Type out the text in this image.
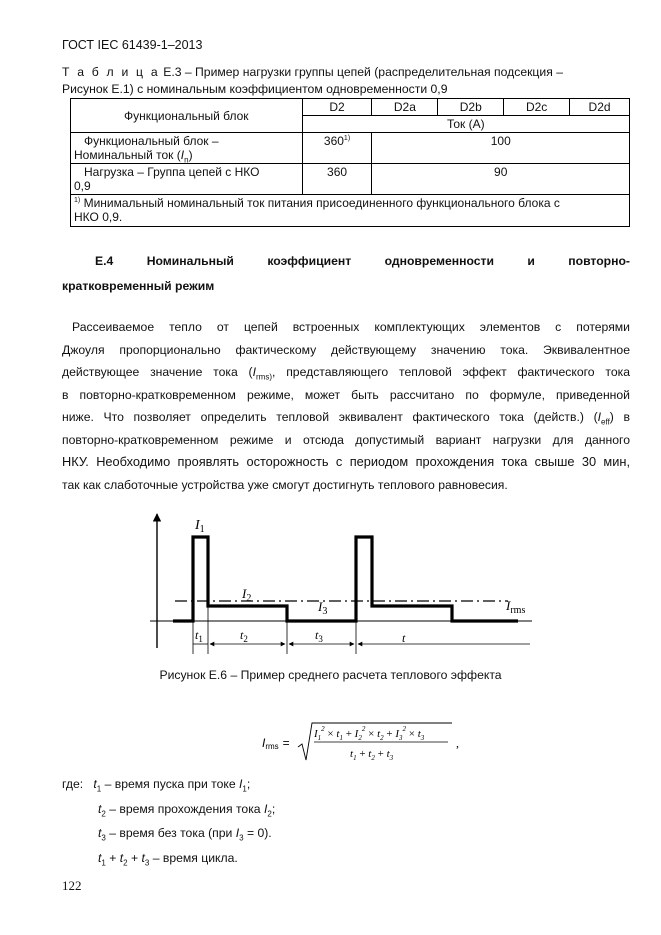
ГОСТ IEC 61439-1–2013
Т а б л и ц а Е.3 – Пример нагрузки группы цепей (распределительная подсекция –
Рисунок Е.1) с номинальным коэффициентом одновременности 0,9
Функциональный блок	D2	D2a	D2b	D2c	D2d
	Ток (А)				
Функциональный блок –
Номинальный ток $(I_n)$	360$^{1)}$	100			
Нагрузка – Группа цепей с НКО
0,9	360	90			
$^{1)}$ Минимальный номинальный ток питания присоединенного функционального блока с
НКО 0,9.					
Е.4	Номинальный	коэффициент	одновременности	и	повторно-
кратковременный режим
Рассеиваемое тепло от цепей встроенных комплектующих элементов с потерями
Джоуля пропорционально фактическому действующему значению тока. Эквивалентное
действующее значение тока ($I_{rms)}$, представляющего тепловой эффект фактического тока
в повторно-кратковременном режиме, может быть рассчитано по формуле, приведенной
ниже. Что позволяет определить тепловой эквивалент фактического тока (действ.) $(I_{eff})$ в
повторно-кратковременном режиме и отсюда допустимый вариант нагрузки для данного
НКУ. Необходимо проявлять осторожность с периодом прохождения тока свыше 30 мин,
так как слаботочные устройства уже смогут достигнуть теплового равновесия.
$I_1$
$I_2$
$I_3$	$I_{rms}$
$t_1$	$t_2$	$t_3$	t
Рисунок Е.6 – Пример среднего расчета теплового эффекта
Irms =
$I_1^2 \times t_1 + I_2^2 \times t_2 + I_3^2 \times t_3$
$t_1 + t_2 + t_3$
,
где: $t_1$ – время пуска при токе $I_1$;
$t_2$ – время прохождения тока $I_2$;
$t_3$ – время без тока (при $I_3 = 0$).
$t_1 + t_2 + t_3$ – время цикла.
122
